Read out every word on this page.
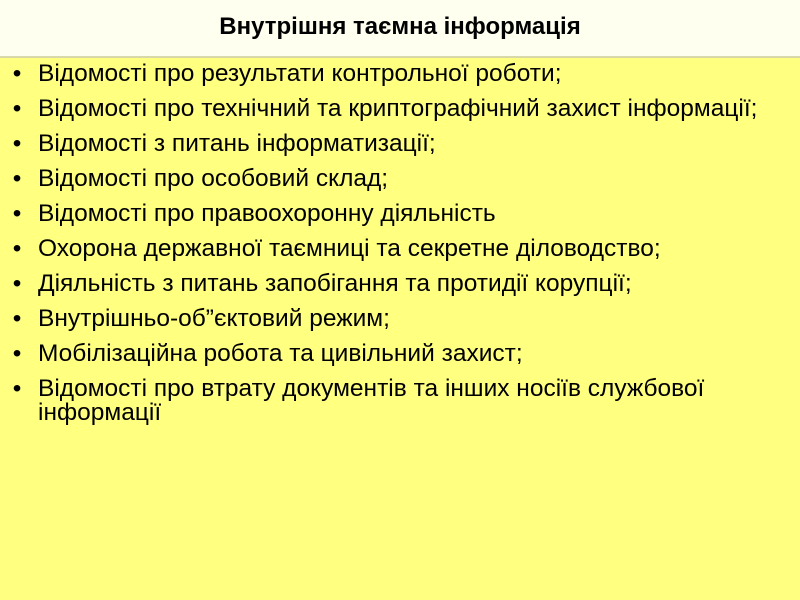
Внутрішня таємна інформація
• Відомості про результати контрольної роботи;
• Відомості про технічний та криптографічний захист інформації;
• Відомості з питань інформатизації;
• Відомості про особовий склад;
• Відомості про правоохоронну діяльність
• Охорона державної таємниці та секретне діловодство;
• Діяльність з питань запобігання та протидії корупції;
• Внутрішньо-об”єктовий режим;
• Мобілізаційна робота та цивільний захист;
• Відомості про втрату документів та інших носіїв службової інформації
